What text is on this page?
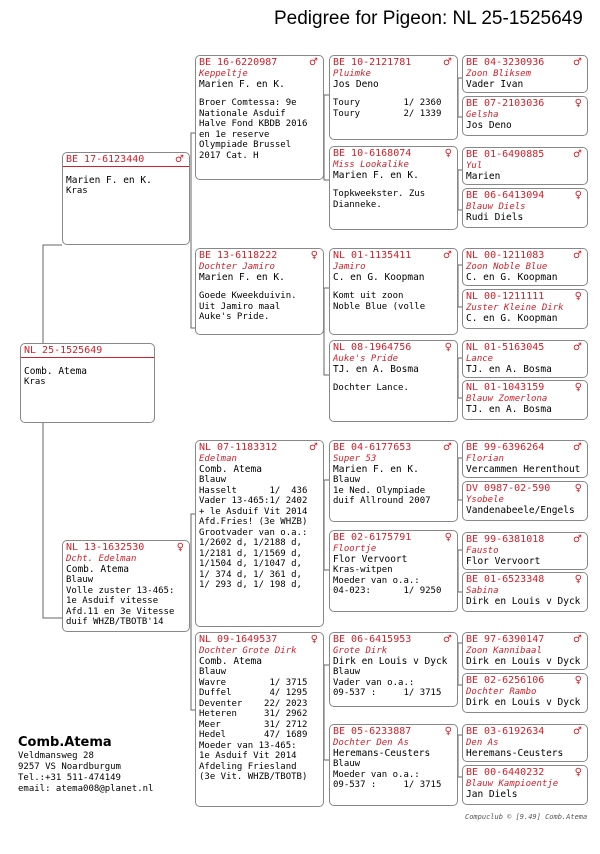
Pedigree for Pigeon: NL 25-1525649
NL 25-1525649
Comb. Atema
Kras
BE 17-6123440	♂
Marien F. en K.
Kras
NL 13-1632530	♀
Dcht. Edelman
Comb. Atema
Blauw
Volle zuster 13-465:
1e Asduif vitesse
Afd.11 en 3e Vitesse
duif WHZB/TBOTB'14
BE 16-6220987	♂
Keppeltje
Marien F. en K.
Broer Comtessa: 9e
Nationale Asduif
Halve Fond KBDB 2016
en 1e reserve
Olympiade Brussel
2017 Cat. H
BE 13-6118222	♀
Dochter Jamiro
Marien F. en K.
Goede Kweekduivin.
Uit Jamiro maal
Auke's Pride.
NL 07-1183312	♂
Edelman
Comb. Atema
Blauw
Hasselt      1/  436
Vader 13-465:1/ 2402
+ le Asduif Vit 2014
Afd.Fries! (3e WHZB)
Grootvader van o.a.:
1/2602 d, 1/2188 d,
1/2181 d, 1/1569 d,
1/1504 d, 1/1047 d,
1/ 374 d, 1/ 361 d,
1/ 293 d, 1/ 198 d,
NL 09-1649537	♀
Dochter Grote Dirk
Comb. Atema
Blauw
Wavre        1/ 3715
Duffel       4/ 1295
Deventer    22/ 2023
Heteren     31/ 2962
Meer        31/ 2712
Hedel       47/ 1689
Moeder van 13-465:
1e Asduif Vit 2014
Afdeling Friesland
(3e Vit. WHZB/TBOTB)
BE 10-2121781	♂
Pluimke
Jos Deno
Toury        1/ 2360
Toury        2/ 1339
BE 10-6168074	♀
Miss Lookalike
Marien F. en K.
Topkweekster. Zus
Dianneke.
NL 01-1135411	♂
Jamiro
C. en G. Koopman
Komt uit zoon
Noble Blue (volle
NL 08-1964756	♀
Auke's Pride
TJ. en A. Bosma
Dochter Lance.
BE 04-6177653	♂
Super 53
Marien F. en K.
Blauw
1e Ned. Olympiade
duif Allround 2007
BE 02-6175791	♀
Floortje
Flor Vervoort
Kras-witpen
Moeder van o.a.:
04-023:      1/ 9250
BE 06-6415953	♂
Grote Dirk
Dirk en Louis v Dyck
Blauw
Vader van o.a.:
09-537 :     1/ 3715
BE 05-6233887	♀
Dochter Den As
Heremans-Ceusters
Blauw
Moeder van o.a.:
09-537 :     1/ 3715
BE 04-3230936	♂
Zoon Bliksem
Vader Ivan
BE 07-2103036	♀
Gelsha
Jos Deno
BE 01-6490885	♂
Yul
Marien
BE 06-6413094	♀
Blauw Diels
Rudi Diels
NL 00-1211083	♂
Zoon Noble Blue
C. en G. Koopman
NL 00-1211111	♀
Zuster Kleine Dirk
C. en G. Koopman
NL 01-5163045	♂
Lance
TJ. en A. Bosma
NL 01-1043159	♀
Blauw Zomerlona
TJ. en A. Bosma
BE 99-6396264	♂
Florian
Vercammen Herenthout
DV 0987-02-590 ♀
Ysobele
Vandenabeele/Engels
BE 99-6381018	♂
Fausto
Flor Vervoort
BE 01-6523348	♀
Sabina
Dirk en Louis v Dyck
BE 97-6390147	♂
Zoon Kannibaal
Dirk en Louis v Dyck
BE 02-6256106	♀
Dochter Rambo
Dirk en Louis v Dyck
BE 03-6192634	♂
Den As
Heremans-Ceusters
BE 00-6440232	♀
Blauw Kampioentje
Jan Diels
Comb.Atema
Veldmansweg 28
9257 VS Noardburgum
Tel.:+31 511-474149
email: atema008@planet.nl
Compuclub © [9.49] Comb.Atema
